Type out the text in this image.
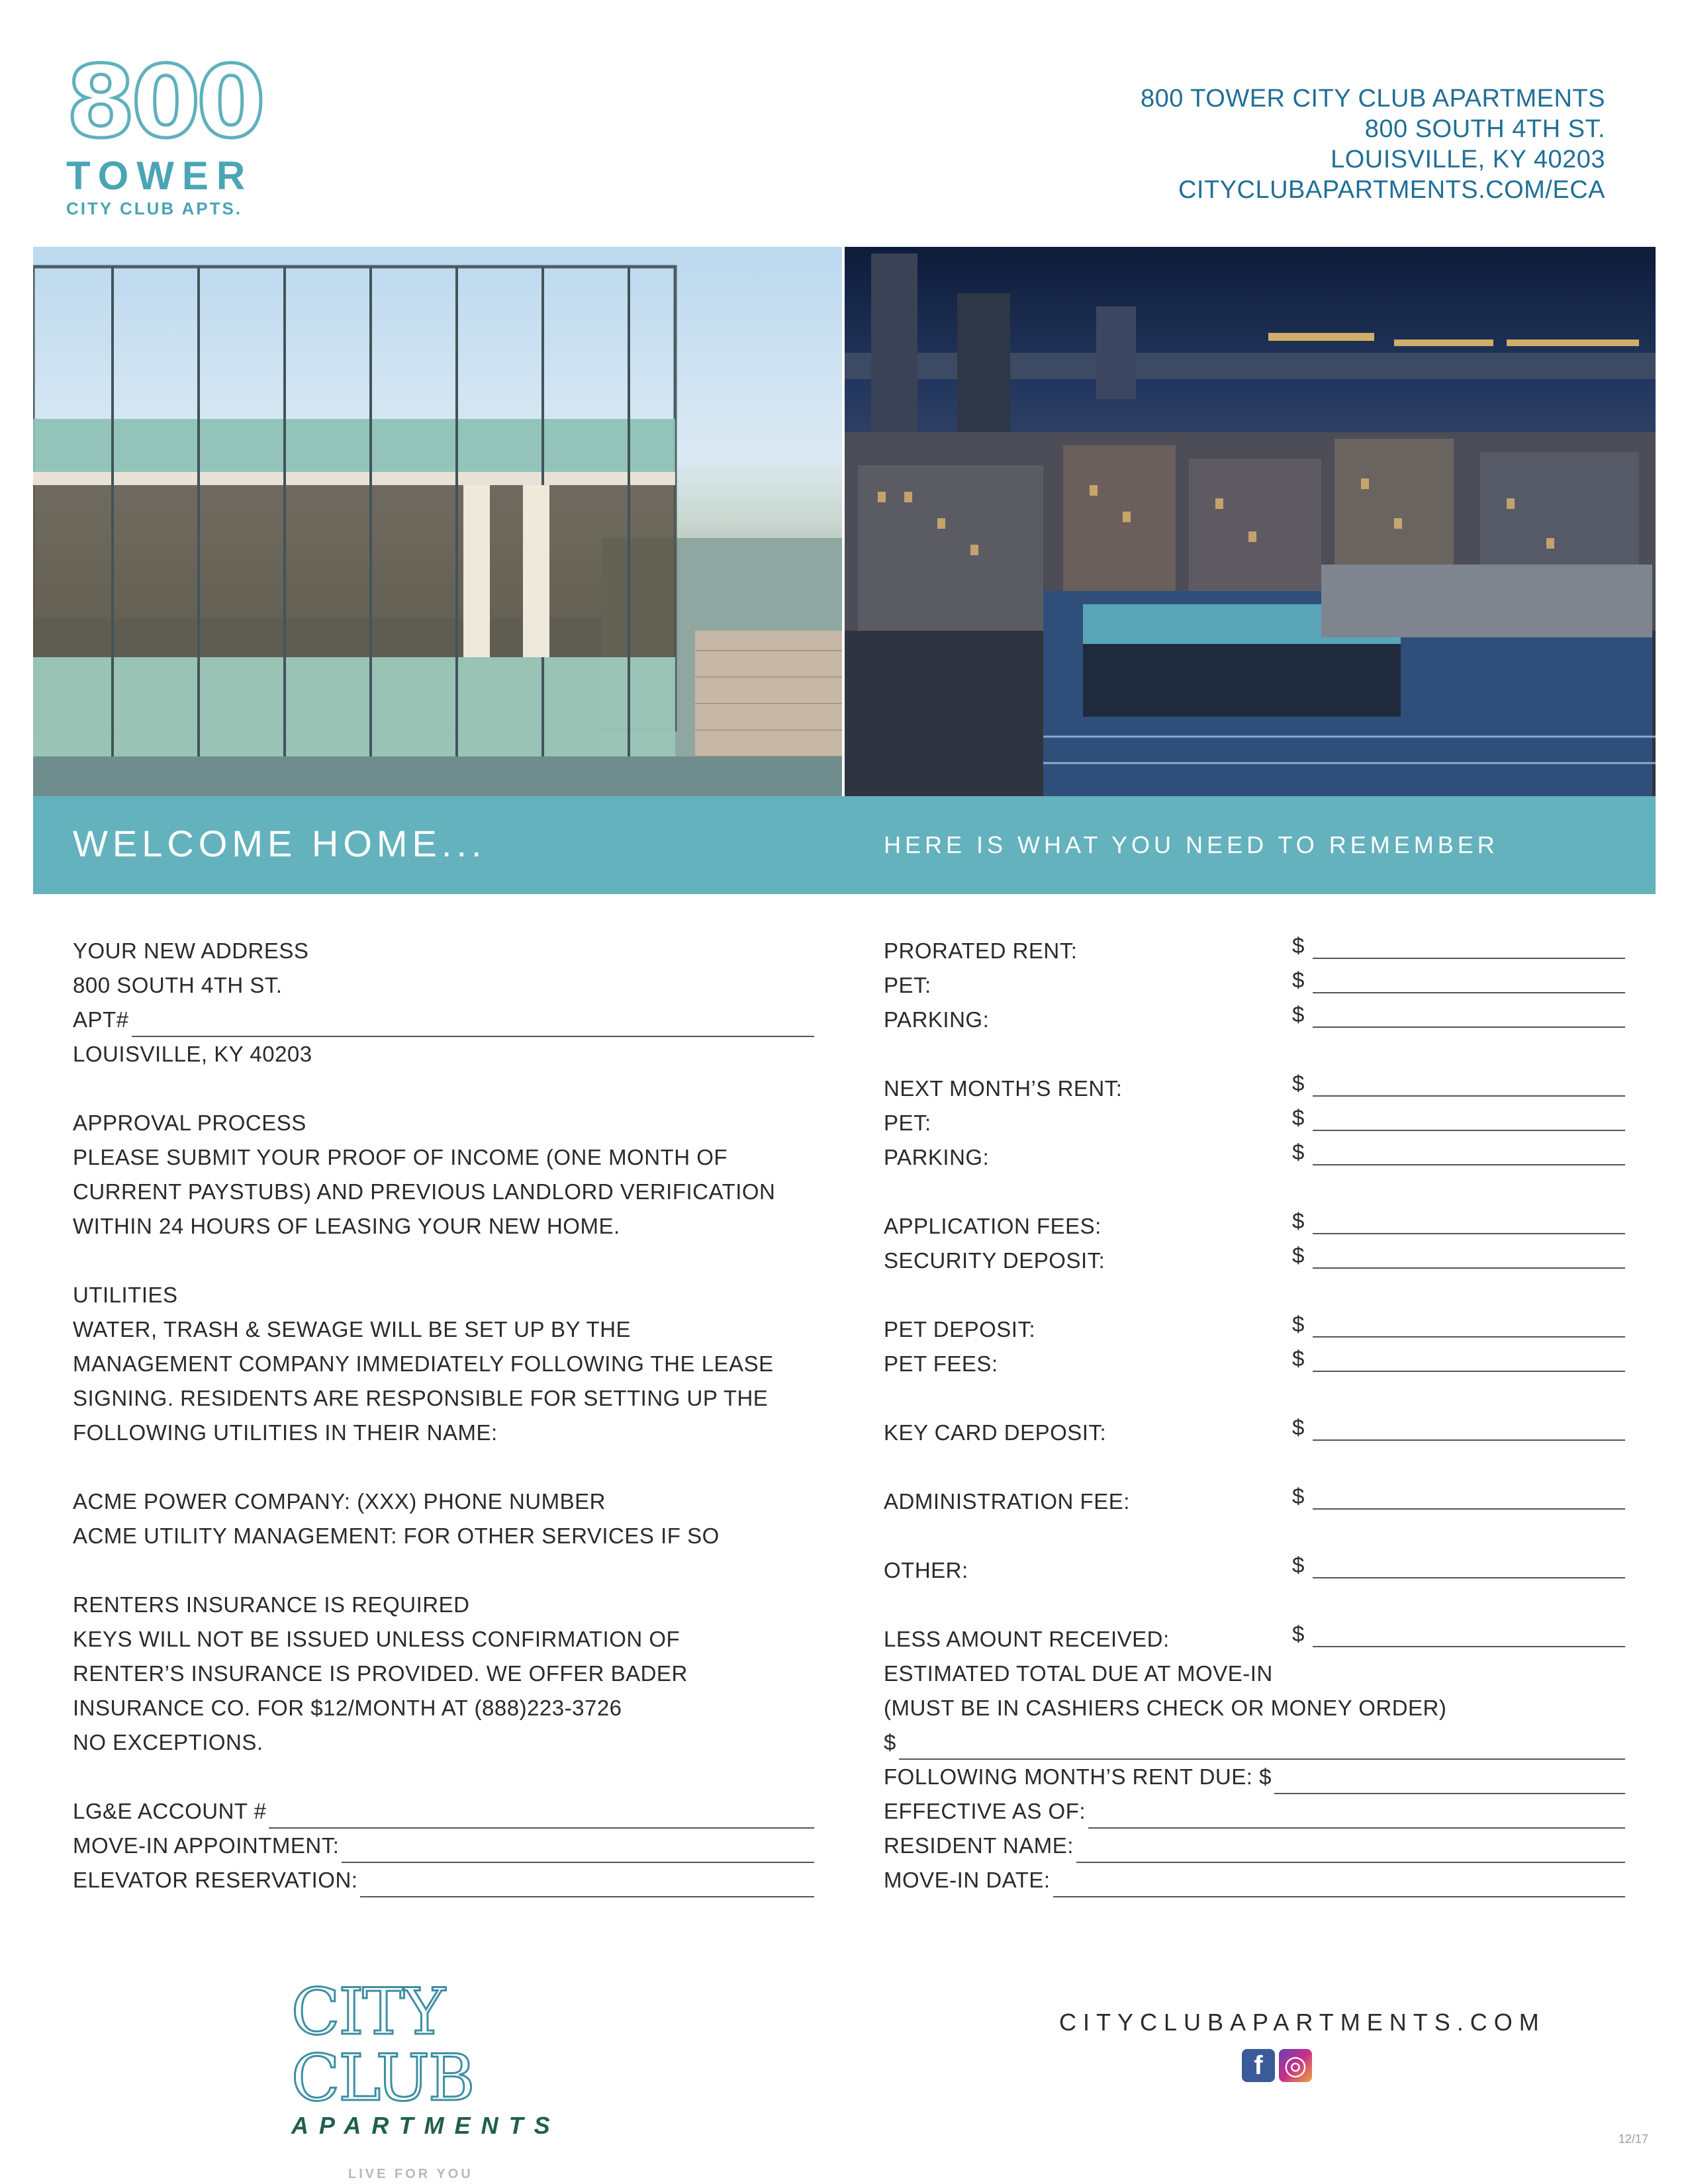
800
TOWER
CITY CLUB APTS.
800 TOWER CITY CLUB APARTMENTS
800 SOUTH 4TH ST.
LOUISVILLE, KY 40203
CITYCLUBAPARTMENTS.COM/ECA
WELCOME HOME...	HERE IS WHAT YOU NEED TO REMEMBER
YOUR NEW ADDRESS
800 SOUTH 4TH ST.
APT#
LOUISVILLE, KY 40203
APPROVAL PROCESS
PLEASE SUBMIT YOUR PROOF OF INCOME (ONE MONTH OF
CURRENT PAYSTUBS) AND PREVIOUS LANDLORD VERIFICATION
WITHIN 24 HOURS OF LEASING YOUR NEW HOME.
UTILITIES
WATER, TRASH & SEWAGE WILL BE SET UP BY THE
MANAGEMENT COMPANY IMMEDIATELY FOLLOWING THE LEASE
SIGNING. RESIDENTS ARE RESPONSIBLE FOR SETTING UP THE
FOLLOWING UTILITIES IN THEIR NAME:
ACME POWER COMPANY: (XXX) PHONE NUMBER
ACME UTILITY MANAGEMENT: FOR OTHER SERVICES IF SO
RENTERS INSURANCE IS REQUIRED
KEYS WILL NOT BE ISSUED UNLESS CONFIRMATION OF
RENTER’S INSURANCE IS PROVIDED. WE OFFER BADER
INSURANCE CO. FOR $12/MONTH AT (888)223-3726
NO EXCEPTIONS.
LG&E ACCOUNT #
MOVE-IN APPOINTMENT:
ELEVATOR RESERVATION:
PRORATED RENT:	$
PET:	$
PARKING:	$
NEXT MONTH’S RENT:	$
PET:	$
PARKING:	$
APPLICATION FEES:	$
SECURITY DEPOSIT:	$
PET DEPOSIT:	$
PET FEES:	$
KEY CARD DEPOSIT:	$
ADMINISTRATION FEE:	$
OTHER:	$
LESS AMOUNT RECEIVED:	$
ESTIMATED TOTAL DUE AT MOVE-IN
(MUST BE IN CASHIERS CHECK OR MONEY ORDER)
$
FOLLOWING MONTH’S RENT DUE: $
EFFECTIVE AS OF:
RESIDENT NAME:
MOVE-IN DATE:
CITY CLUB
APARTMENTS
LIVE FOR YOU
CITYCLUBAPARTMENTS.COM
f ◎
12/17
